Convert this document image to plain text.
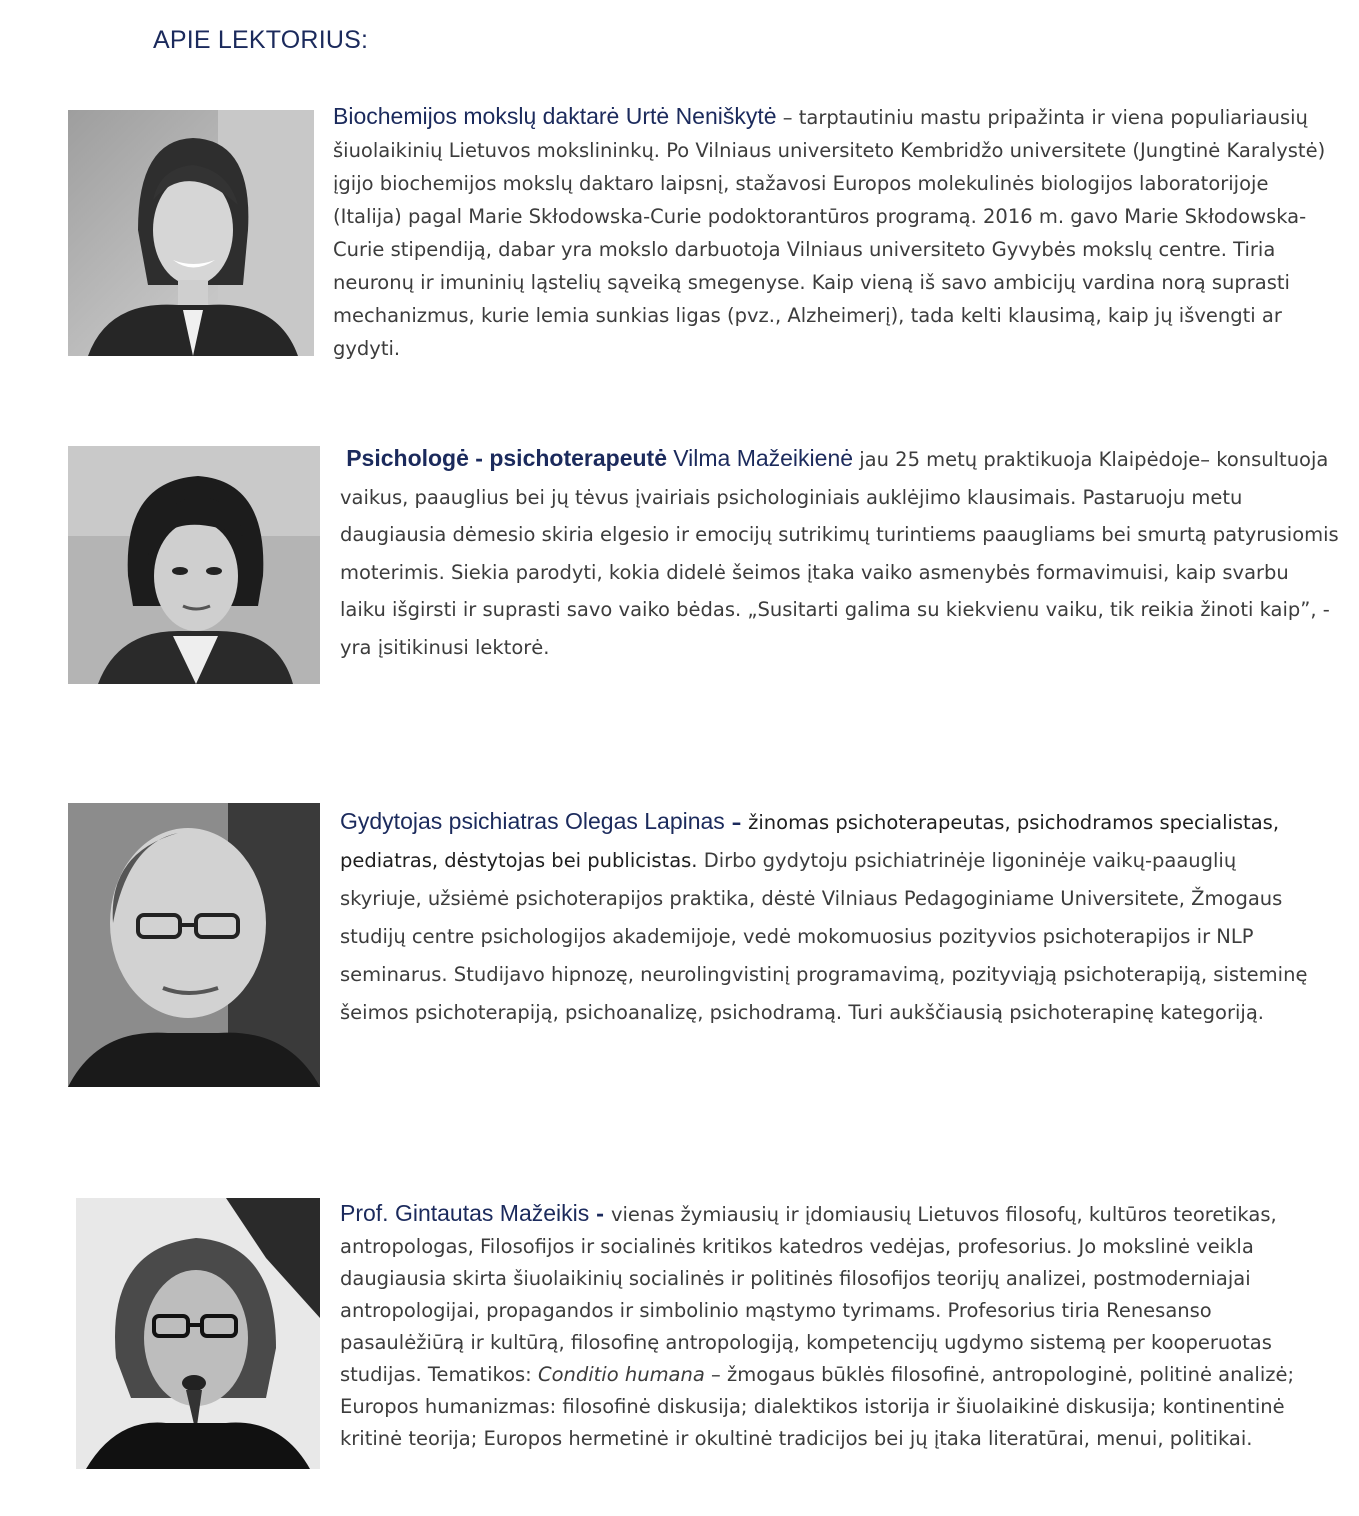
APIE LEKTORIUS:

Biochemijos mokslų daktarė Urtė Neniškytė – tarptautiniu mastu pripažinta ir viena populiariausių šiuolaikinių Lietuvos mokslininkų. Po Vilniaus universiteto Kembridžo universitete (Jungtinė Karalystė) įgijo biochemijos mokslų daktaro laipsnį, stažavosi Europos molekulinės biologijos laboratorijoje (Italija) pagal Marie Skłodowska-Curie podoktorantūros programą. 2016 m. gavo Marie Skłodowska-Curie stipendiją, dabar yra mokslo darbuotoja Vilniaus universiteto Gyvybės mokslų centre. Tiria neuronų ir imuninių ląstelių sąveiką smegenyse. Kaip vieną iš savo ambicijų vardina norą suprasti mechanizmus, kurie lemia sunkias ligas (pvz., Alzheimerį), tada kelti klausimą, kaip jų išvengti ar gydyti.

Psichologė - psichoterapeutė Vilma Mažeikienė jau 25 metų praktikuoja Klaipėdoje– konsultuoja vaikus, paauglius bei jų tėvus įvairiais psichologiniais auklėjimo klausimais. Pastaruoju metu daugiausia dėmesio skiria elgesio ir emocijų sutrikimų turintiems paaugliams bei smurtą patyrusiomis moterimis. Siekia parodyti, kokia didelė šeimos įtaka vaiko asmenybės formavimuisi, kaip svarbu laiku išgirsti ir suprasti savo vaiko bėdas. „Susitarti galima su kiekvienu vaiku, tik reikia žinoti kaip”, - yra įsitikinusi lektorė.

Gydytojas psichiatras Olegas Lapinas – žinomas psichoterapeutas, psichodramos specialistas, pediatras, dėstytojas bei publicistas. Dirbo gydytoju psichiatrinėje ligoninėje vaikų-paauglių skyriuje, užsiėmė psichoterapijos praktika, dėstė Vilniaus Pedagoginiame Universitete, Žmogaus studijų centre psichologijos akademijoje, vedė mokomuosius pozityvios psichoterapijos ir NLP seminarus. Studijavo hipnozę, neurolingvistinį programavimą, pozityviąją psichoterapiją, sisteminę šeimos psichoterapiją, psichoanalizę, psichodramą. Turi aukščiausią psichoterapinę kategoriją.

Prof. Gintautas Mažeikis - vienas žymiausių ir įdomiausių Lietuvos filosofų, kultūros teoretikas, antropologas, Filosofijos ir socialinės kritikos katedros vedėjas, profesorius. Jo mokslinė veikla daugiausia skirta šiuolaikinių socialinės ir politinės filosofijos teorijų analizei, postmoderniajai antropologijai, propagandos ir simbolinio mąstymo tyrimams. Profesorius tiria Renesanso pasaulėžiūrą ir kultūrą, filosofinę antropologiją, kompetencijų ugdymo sistemą per kooperuotas studijas. Tematikos: Conditio humana – žmogaus būklės filosofinė, antropologinė, politinė analizė; Europos humanizmas: filosofinė diskusija; dialektikos istorija ir šiuolaikinė diskusija; kontinentinė kritinė teorija; Europos hermetinė ir okultinė tradicijos bei jų įtaka literatūrai, menui, politikai.
